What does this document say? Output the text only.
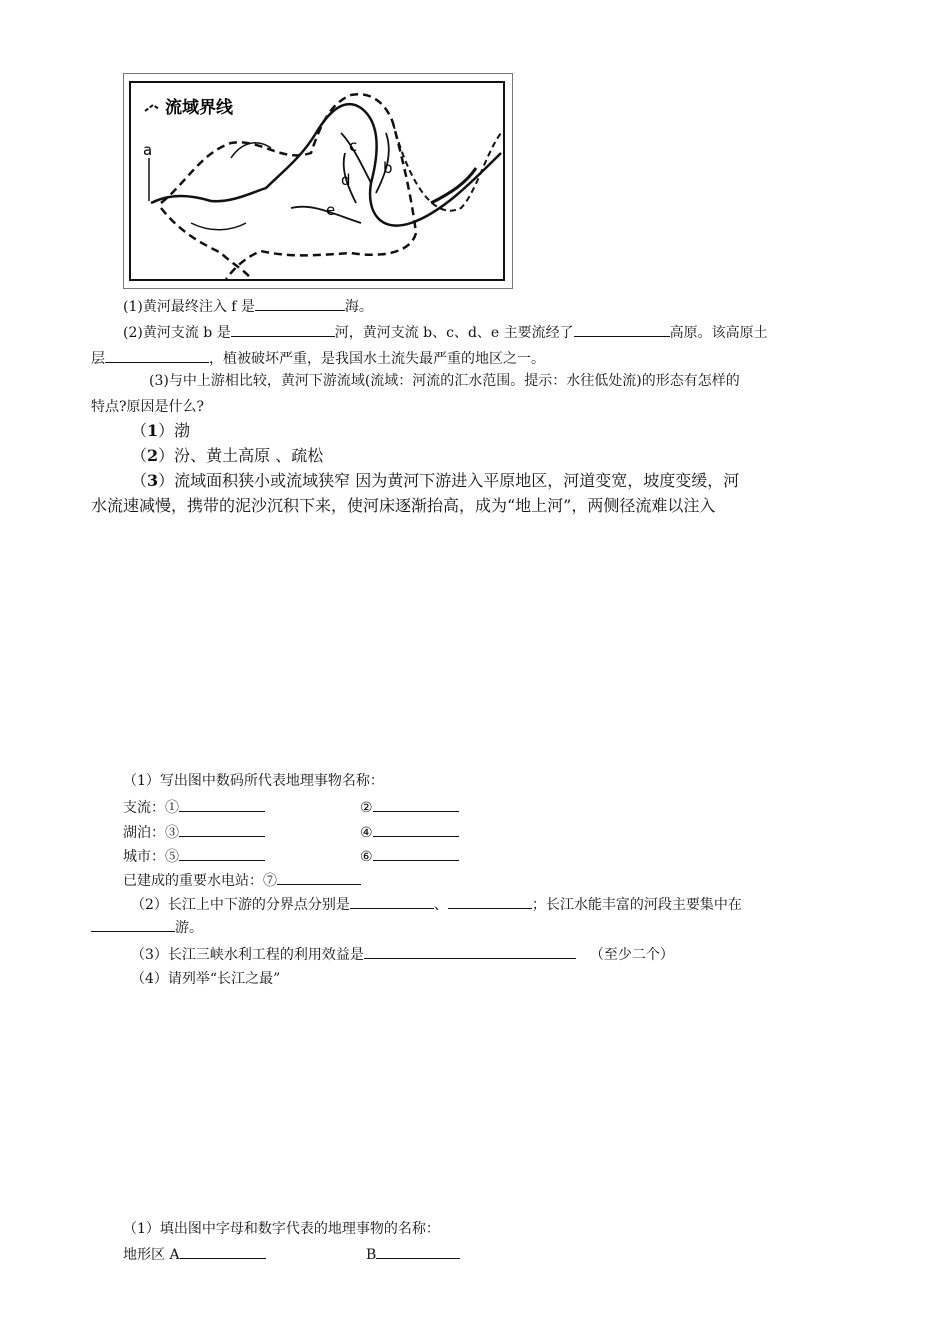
流域界线
a	c
b
d
e
(1)黄河最终注入 f 是	海。
(2)黄河支流 b 是	河，黄河支流 b、c、d、e 主要流经了	高原。该高原土
层	，植被破坏严重，是我国水土流失最严重的地区之一。
(3)与中上游相比较，黄河下游流域(流域：河流的汇水范围。提示：水往低处流)的形态有怎样的
特点?原因是什么?
（1）渤
（2）汾、黄土高原 、疏松
（3）流域面积狭小或流域狭窄 因为黄河下游进入平原地区，河道变宽，坡度变缓，河
水流速减慢，携带的泥沙沉积下来，使河床逐渐抬高，成为“地上河”，两侧径流难以注入
（1）写出图中数码所代表地理事物名称：
支流：①	②
湖泊：③	④
城市：⑤	⑥
已建成的重要水电站：⑦
（2）长江上中下游的分界点分别是	、	；长江水能丰富的河段主要集中在
游。
（3）长江三峡水利工程的利用效益是	（至少二个）
（4）请列举“长江之最”
（1）填出图中字母和数字代表的地理事物的名称：
地形区 A	B
